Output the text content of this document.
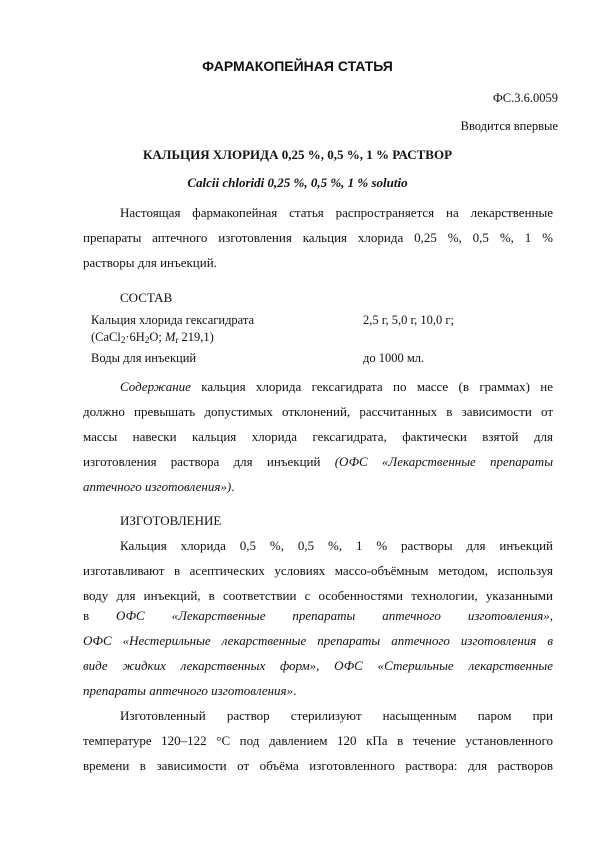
ФАРМАКОПЕЙНАЯ СТАТЬЯ
ФС.3.6.0059
Вводится впервые
КАЛЬЦИЯ ХЛОРИДА 0,25 %, 0,5 %, 1 % РАСТВОР
Calcii chloridi 0,25 %, 0,5 %, 1 % solutio
Настоящая фармакопейная статья распространяется на лекарственные
препараты аптечного изготовления кальция хлорида 0,25 %, 0,5 %, 1 %
растворы для инъекций.
СОСТАВ
Кальция хлорида гексагидрата
($CaCl_2\cdot 6H_2O$; $M_r$ 219,1)
2,5 г, 5,0 г, 10,0 г;
Воды для инъекций	до 1000 мл.
Содержание кальция хлорида гексагидрата по массе (в граммах) не
должно превышать допустимых отклонений, рассчитанных в зависимости от
массы навески кальция хлорида гексагидрата, фактически взятой для
изготовления раствора для инъекций (ОФС «Лекарственные препараты
аптечного изготовления»).
ИЗГОТОВЛЕНИЕ
Кальция хлорида 0,5 %, 0,5 %, 1 % растворы для инъекций
изготавливают в асептических условиях массо-объёмным методом, используя
воду для инъекций, в соответствии с особенностями технологии, указанными
в ОФС «Лекарственные препараты аптечного изготовления»,
ОФС «Нестерильные лекарственные препараты аптечного изготовления в
виде жидких лекарственных форм», ОФС «Стерильные лекарственные
препараты аптечного изготовления».
Изготовленный раствор стерилизуют насыщенным паром при
температуре 120–122 °С под давлением 120 кПа в течение установленного
времени в зависимости от объёма изготовленного раствора: для растворов
